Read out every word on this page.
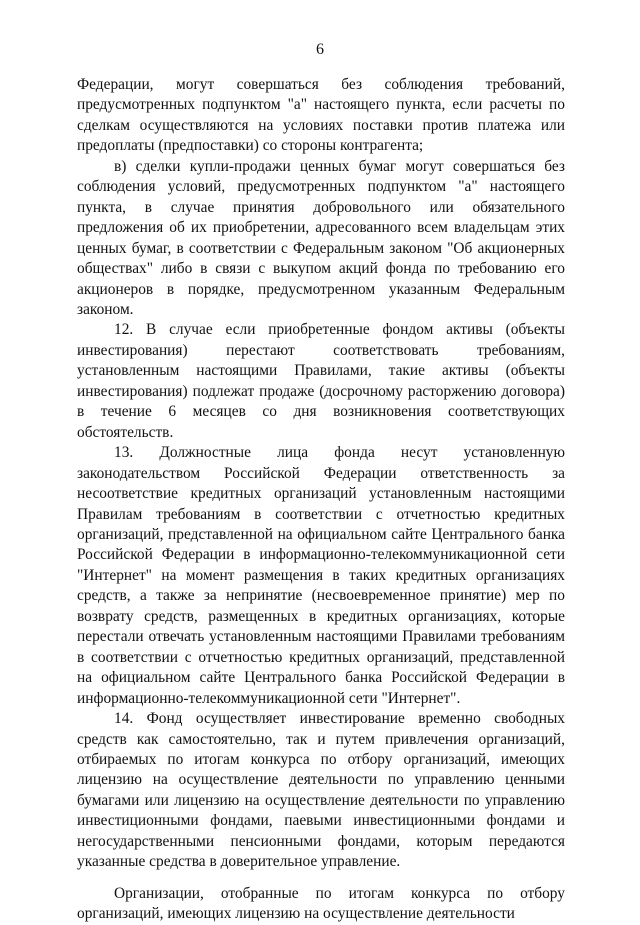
6

Федерации, могут совершаться без соблюдения требований, предусмотренных подпунктом "а" настоящего пункта, если расчеты по сделкам осуществляются на условиях поставки против платежа или предоплаты (предпоставки) со стороны контрагента;

в) сделки купли-продажи ценных бумаг могут совершаться без соблюдения условий, предусмотренных подпунктом "а" настоящего пункта, в случае принятия добровольного или обязательного предложения об их приобретении, адресованного всем владельцам этих ценных бумаг, в соответствии с Федеральным законом "Об акционерных обществах" либо в связи с выкупом акций фонда по требованию его акционеров в порядке, предусмотренном указанным Федеральным законом.

12. В случае если приобретенные фондом активы (объекты инвестирования) перестают соответствовать требованиям, установленным настоящими Правилами, такие активы (объекты инвестирования) подлежат продаже (досрочному расторжению договора) в течение 6 месяцев со дня возникновения соответствующих обстоятельств.

13. Должностные лица фонда несут установленную законодательством Российской Федерации ответственность за несоответствие кредитных организаций установленным настоящими Правилам требованиям в соответствии с отчетностью кредитных организаций, представленной на официальном сайте Центрального банка Российской Федерации в информационно-телекоммуникационной сети "Интернет" на момент размещения в таких кредитных организациях средств, а также за непринятие (несвоевременное принятие) мер по возврату средств, размещенных в кредитных организациях, которые перестали отвечать установленным настоящими Правилами требованиям в соответствии с отчетностью кредитных организаций, представленной на официальном сайте Центрального банка Российской Федерации в информационно-телекоммуникационной сети "Интернет".

14. Фонд осуществляет инвестирование временно свободных средств как самостоятельно, так и путем привлечения организаций, отбираемых по итогам конкурса по отбору организаций, имеющих лицензию на осуществление деятельности по управлению ценными бумагами или лицензию на осуществление деятельности по управлению инвестиционными фондами, паевыми инвестиционными фондами и негосударственными пенсионными фондами, которым передаются указанные средства в доверительное управление.

Организации, отобранные по итогам конкурса по отбору организаций, имеющих лицензию на осуществление деятельности
